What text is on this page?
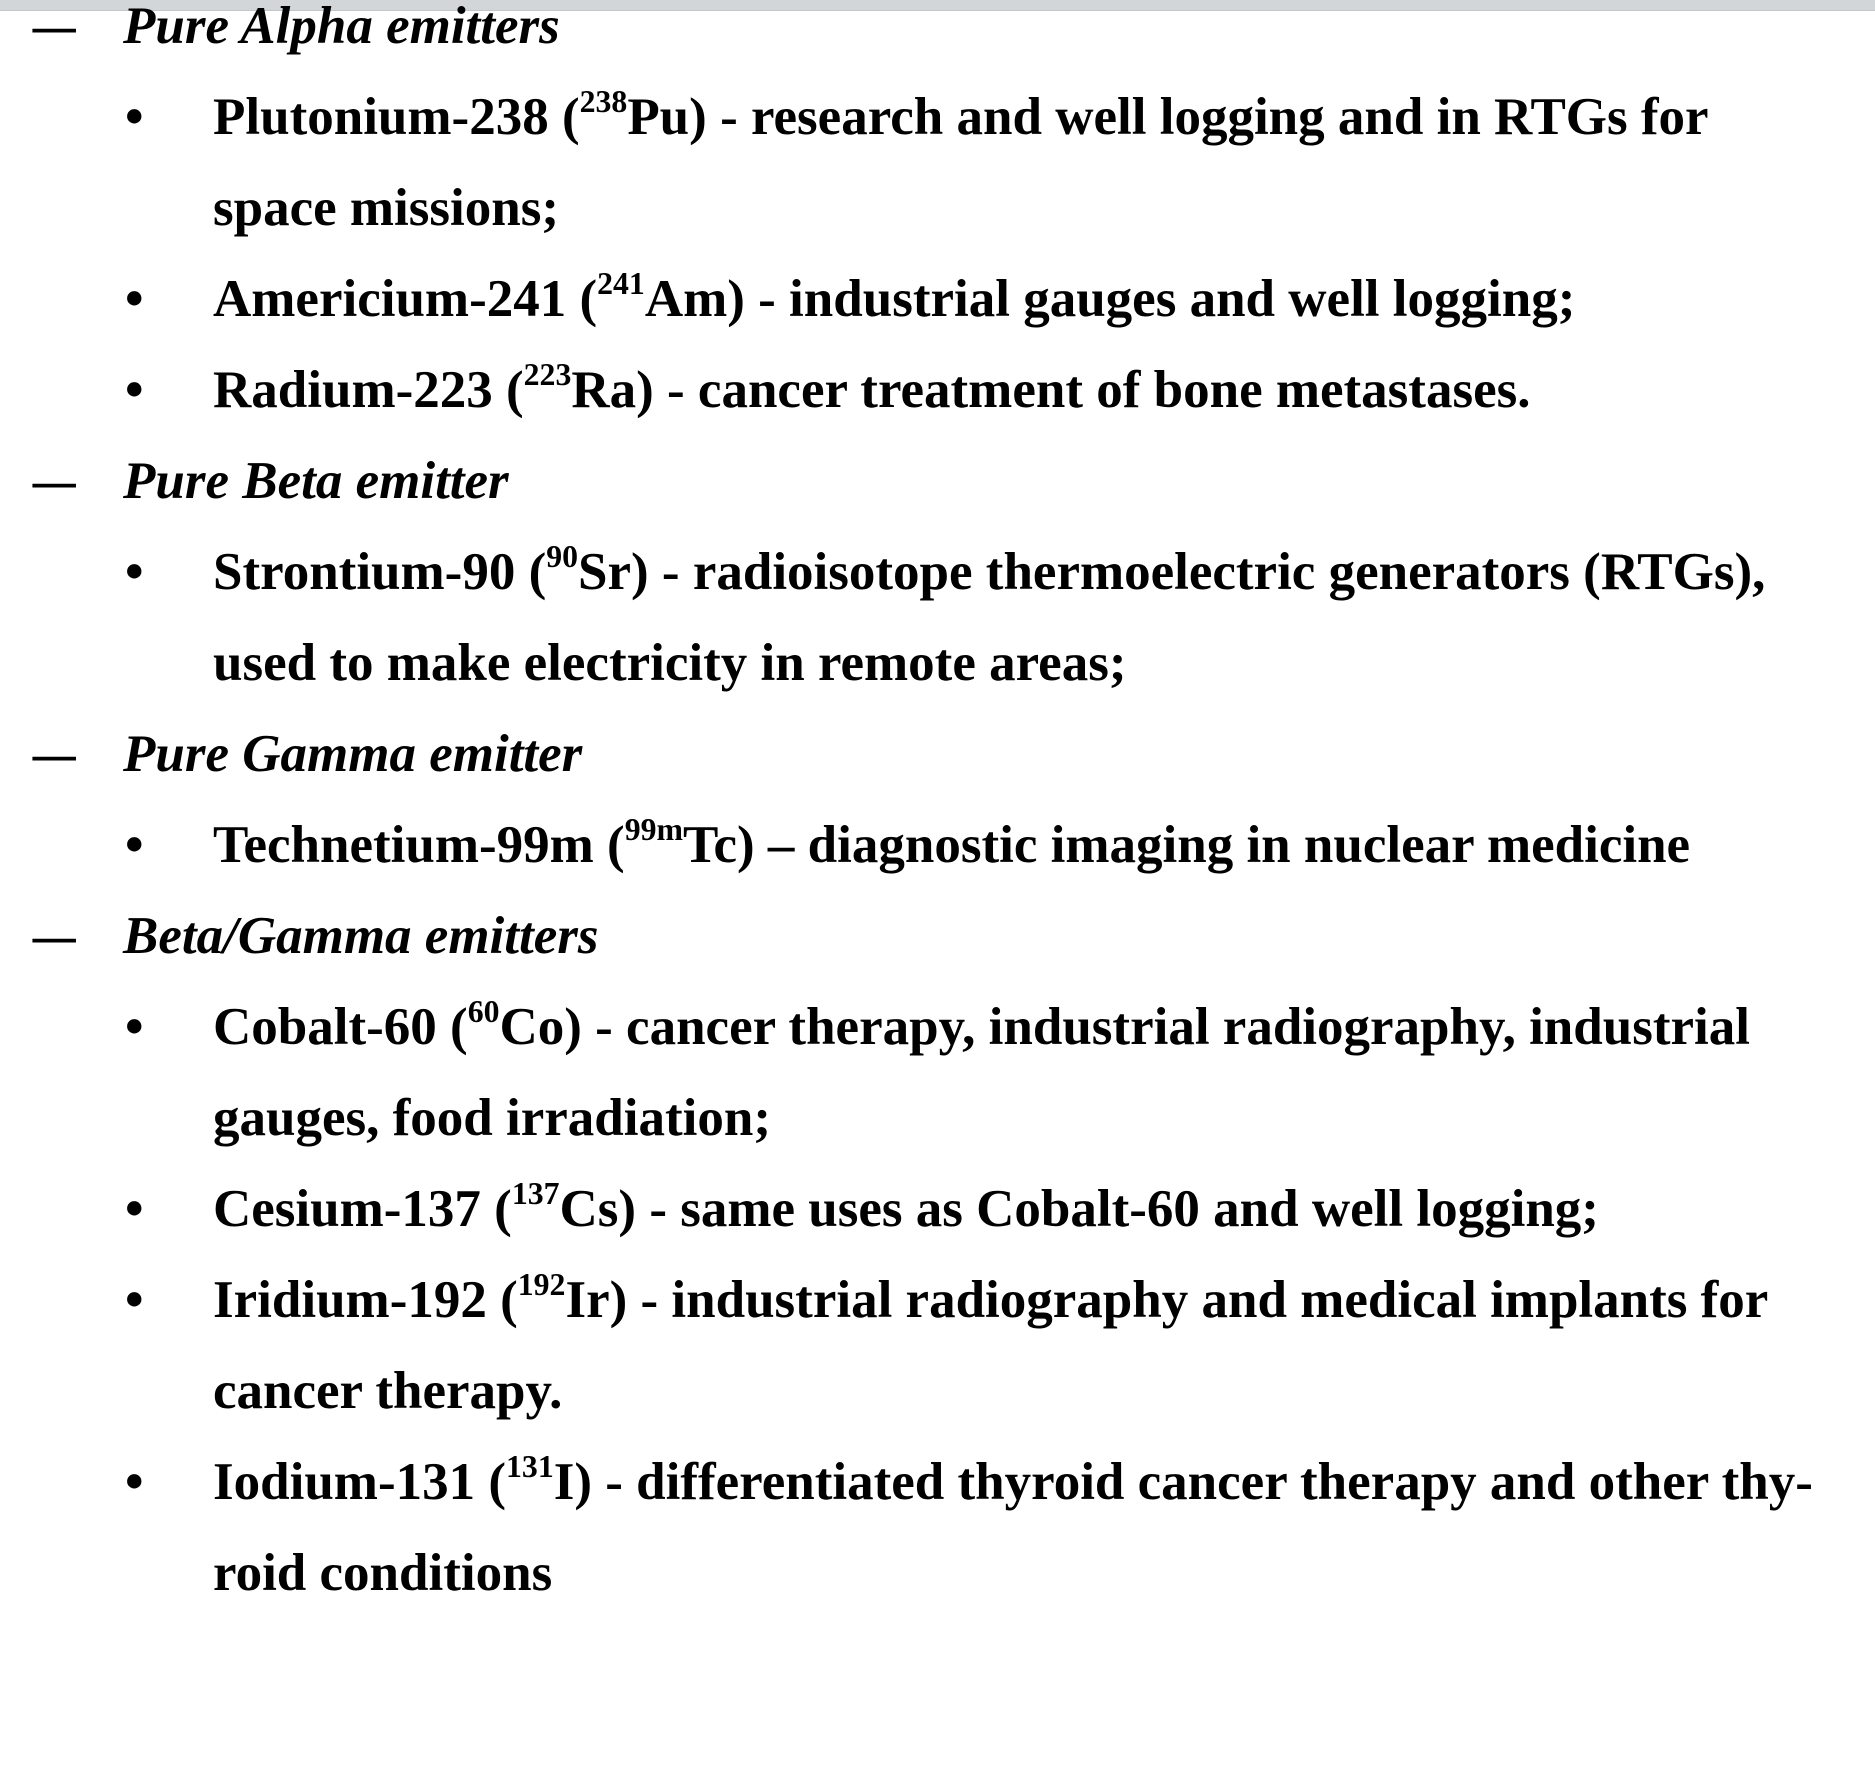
– Pure Alpha emitters
• Plutonium-238 ($^{238}$Pu) - research and well logging and in RTGs for
space missions;
• Americium-241 ($^{241}$Am) - industrial gauges and well logging;
• Radium-223 ($^{223}$Ra) - cancer treatment of bone metastases.
– Pure Beta emitter
• Strontium-90 ($^{90}$Sr) - radioisotope thermoelectric generators (RTGs),
used to make electricity in remote areas;
– Pure Gamma emitter
• Technetium-99m ($^{99m}$Tc) – diagnostic imaging in nuclear medicine
– Beta/Gamma emitters
• Cobalt-60 ($^{60}$Co) - cancer therapy, industrial radiography, industrial
gauges, food irradiation;
• Cesium-137 ($^{137}$Cs) - same uses as Cobalt-60 and well logging;
• Iridium-192 ($^{192}$Ir) - industrial radiography and medical implants for
cancer therapy.
• Iodium-131 ($^{131}$I) - differentiated thyroid cancer therapy and other thy-
roid conditions
